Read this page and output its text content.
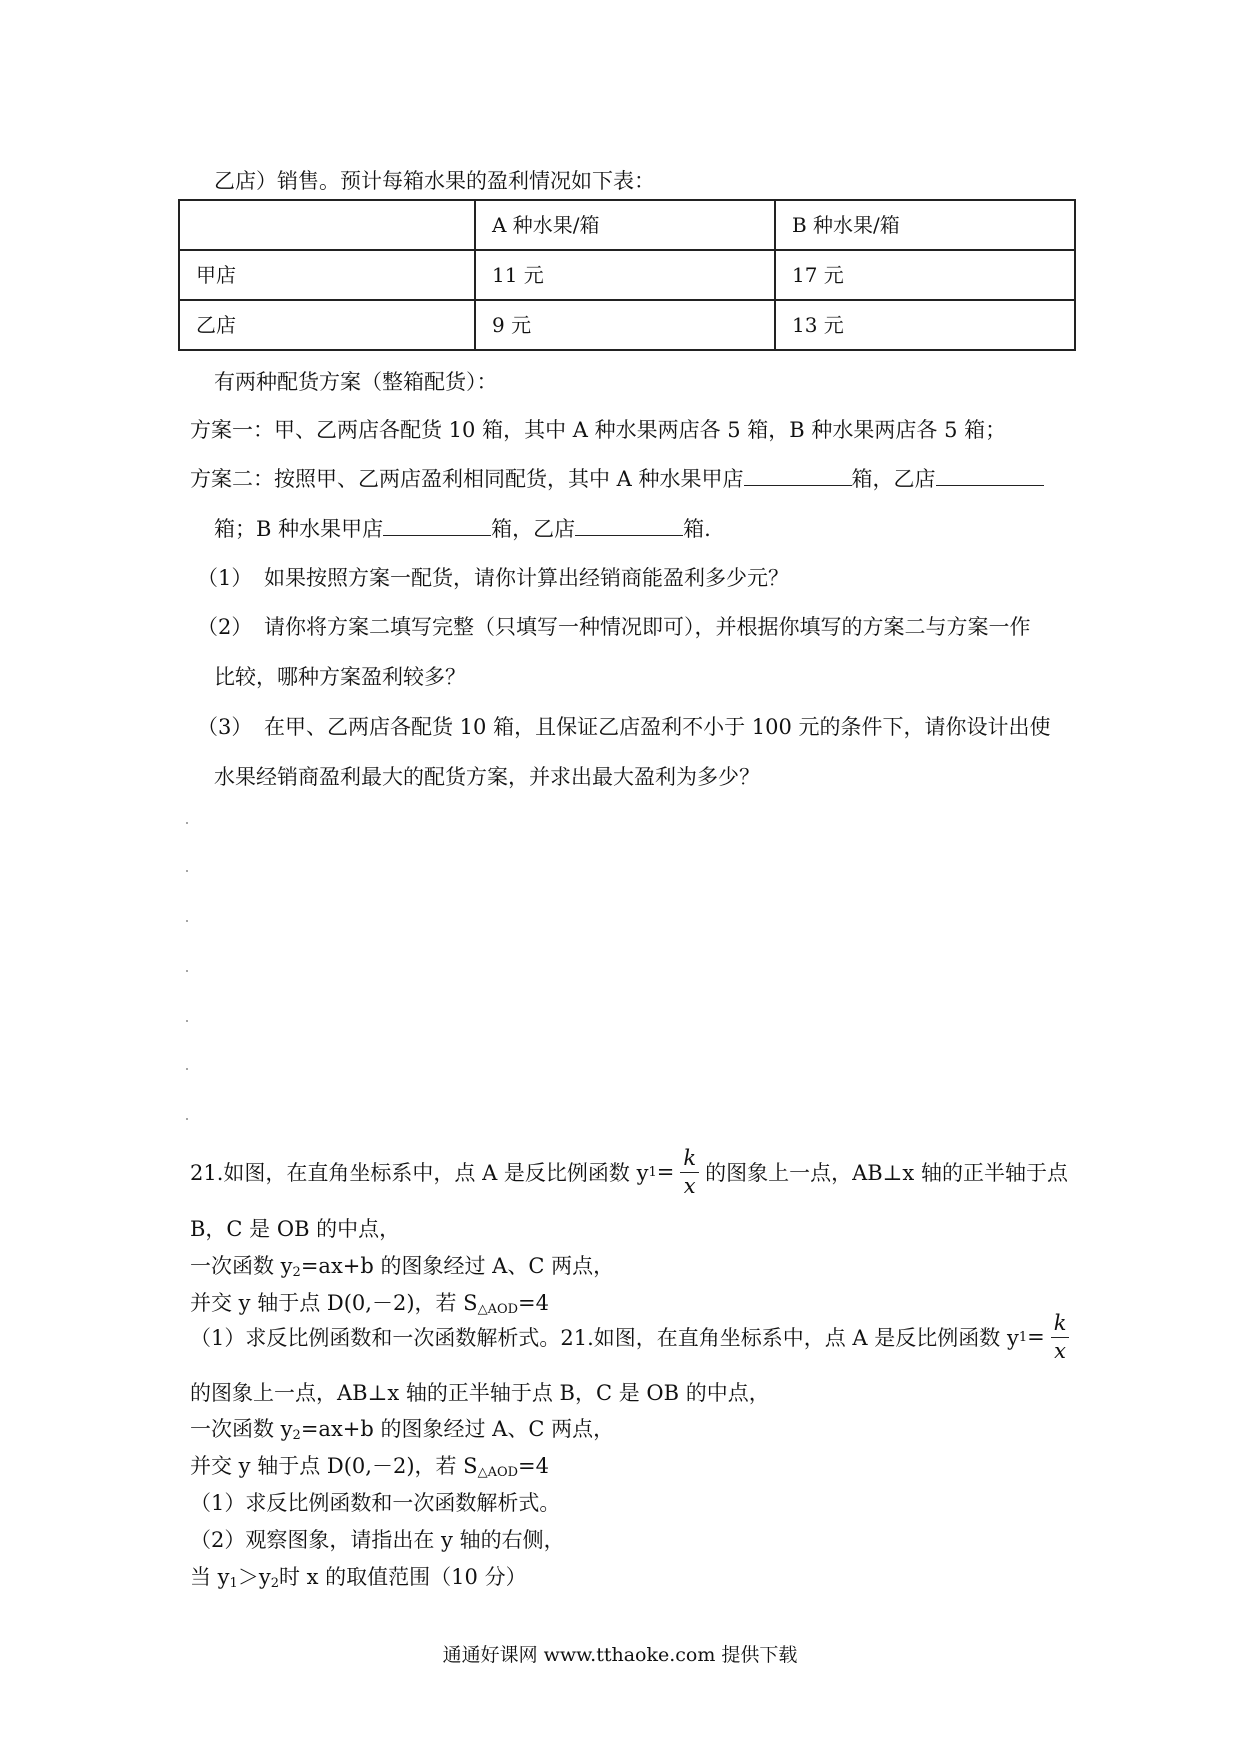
乙店）销售。预计每箱水果的盈利情况如下表：
	A 种水果/箱	B 种水果/箱
甲店	11 元	17 元
乙店	9 元	13 元
有两种配货方案（整箱配货）：
方案一：甲、乙两店各配货 10 箱，其中 A 种水果两店各 5 箱，B 种水果两店各 5 箱；
方案二：按照甲、乙两店盈利相同配货，其中 A 种水果甲店	箱，乙店
箱；B 种水果甲店	箱，乙店	箱.
（1） 如果按照方案一配货，请你计算出经销商能盈利多少元？
（2） 请你将方案二填写完整（只填写一种情况即可），并根据你填写的方案二与方案一作
比较，哪种方案盈利较多？
（3） 在甲、乙两店各配货 10 箱，且保证乙店盈利不小于 100 元的条件下，请你设计出使
水果经销商盈利最大的配货方案，并求出最大盈利为多少？
21.如图，在直角坐标系中，点 A 是反比例函数 y $1 = \frac{k}{x}$ 的图象上一点，AB⊥x 轴的正半轴于点
B，C 是 OB 的中点，
一次函数 $y_2=ax+b$ 的图象经过 A、C 两点，
并交 y 轴于点 D(0,－2)，若 $S_{\triangle AOD}=4$
（1）求反比例函数和一次函数解析式。21.如图，在直角坐标系中，点 A 是反比例函数 y $1 = \frac{k}{x}$
的图象上一点，AB⊥x 轴的正半轴于点 B，C 是 OB 的中点，
一次函数 $y_2=ax+b$ 的图象经过 A、C 两点，
并交 y 轴于点 D(0,－2)，若 $S_{\triangle AOD}=4$
（1）求反比例函数和一次函数解析式。
（2）观察图象，请指出在 y 轴的右侧，
当 $y_1>y_2$时 x 的取值范围（10 分）
通通好课网 www.tthaoke.com 提供下载
